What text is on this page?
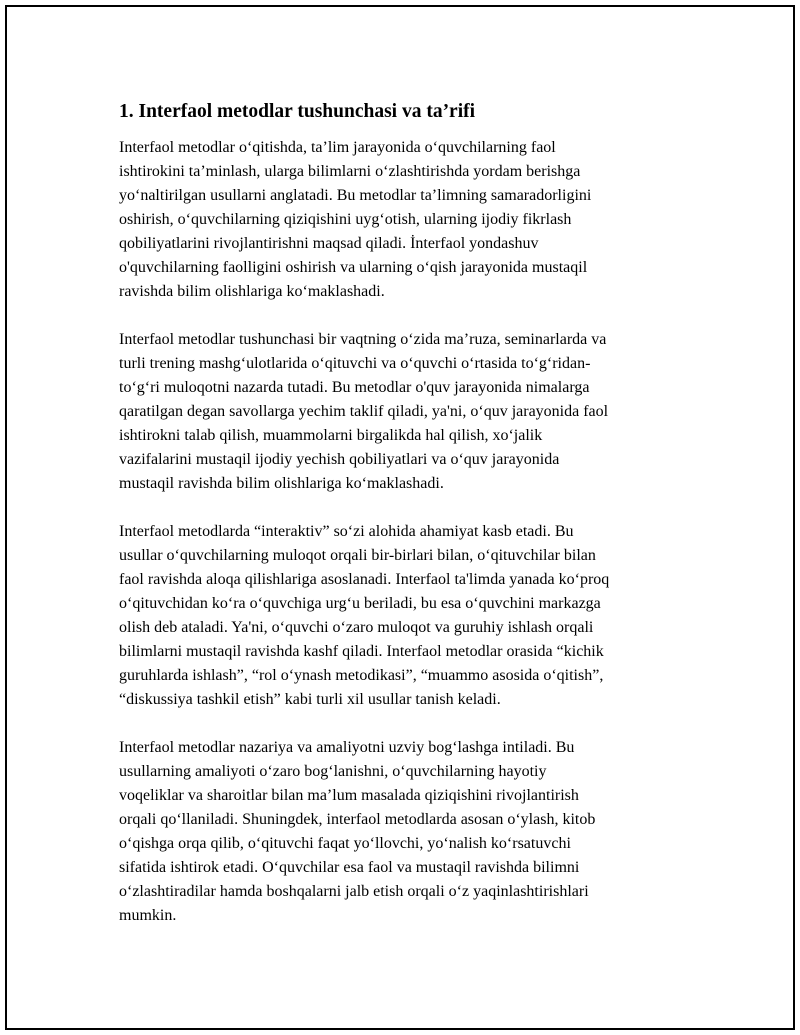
1. Interfaol metodlar tushunchasi va ta’rifi
Interfaol metodlar o‘qitishda, ta’lim jarayonida o‘quvchilarning faol
ishtirokini ta’minlash, ularga bilimlarni o‘zlashtirishda yordam berishga
yo‘naltirilgan usullarni anglatadi. Bu metodlar ta’limning samaradorligini
oshirish, o‘quvchilarning qiziqishini uyg‘otish, ularning ijodiy fikrlash
qobiliyatlarini rivojlantirishni maqsad qiladi. İnterfaol yondashuv
o'quvchilarning faolligini oshirish va ularning o‘qish jarayonida mustaqil
ravishda bilim olishlariga ko‘maklashadi.
Interfaol metodlar tushunchasi bir vaqtning o‘zida ma’ruza, seminarlarda va
turli trening mashg‘ulotlarida o‘qituvchi va o‘quvchi o‘rtasida to‘g‘ridan-
to‘g‘ri muloqotni nazarda tutadi. Bu metodlar o'quv jarayonida nimalarga
qaratilgan degan savollarga yechim taklif qiladi, ya'ni, o‘quv jarayonida faol
ishtirokni talab qilish, muammolarni birgalikda hal qilish, xo‘jalik
vazifalarini mustaqil ijodiy yechish qobiliyatlari va o‘quv jarayonida
mustaqil ravishda bilim olishlariga ko‘maklashadi.
Interfaol metodlarda “interaktiv” so‘zi alohida ahamiyat kasb etadi. Bu
usullar o‘quvchilarning muloqot orqali bir-birlari bilan, o‘qituvchilar bilan
faol ravishda aloqa qilishlariga asoslanadi. Interfaol ta'limda yanada ko‘proq
o‘qituvchidan ko‘ra o‘quvchiga urg‘u beriladi, bu esa o‘quvchini markazga
olish deb ataladi. Ya'ni, o‘quvchi o‘zaro muloqot va guruhiy ishlash orqali
bilimlarni mustaqil ravishda kashf qiladi. Interfaol metodlar orasida “kichik
guruhlarda ishlash”, “rol o‘ynash metodikasi”, “muammo asosida o‘qitish”,
“diskussiya tashkil etish” kabi turli xil usullar tanish keladi.
Interfaol metodlar nazariya va amaliyotni uzviy bog‘lashga intiladi. Bu
usullarning amaliyoti o‘zaro bog‘lanishni, o‘quvchilarning hayotiy
voqeliklar va sharoitlar bilan ma’lum masalada qiziqishini rivojlantirish
orqali qo‘llaniladi. Shuningdek, interfaol metodlarda asosan o‘ylash, kitob
o‘qishga orqa qilib, o‘qituvchi faqat yo‘llovchi, yo‘nalish ko‘rsatuvchi
sifatida ishtirok etadi. O‘quvchilar esa faol va mustaqil ravishda bilimni
o‘zlashtiradilar hamda boshqalarni jalb etish orqali o‘z yaqinlashtirishlari
mumkin.
